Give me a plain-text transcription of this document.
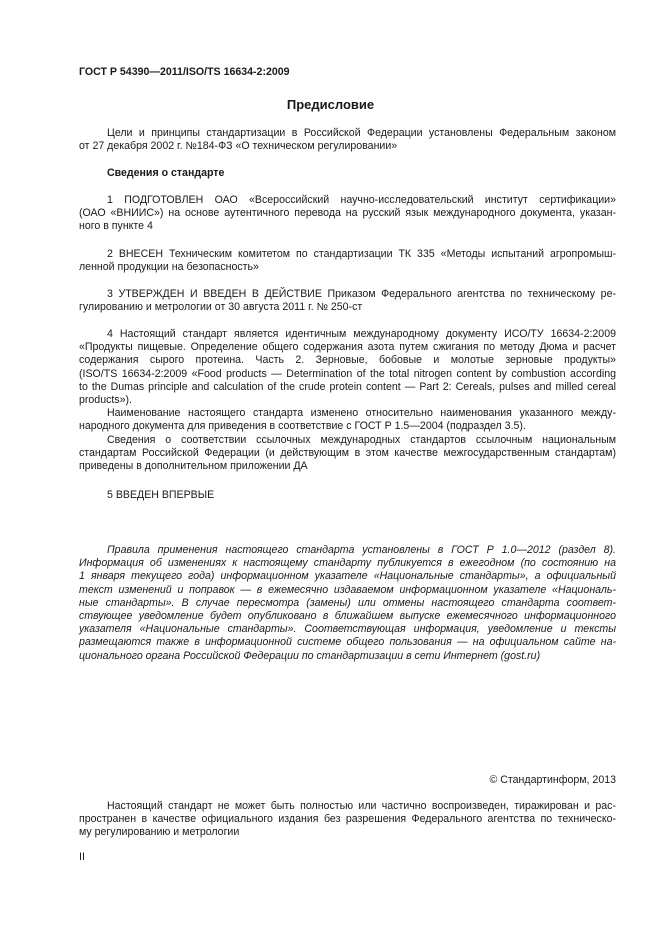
ГОСТ Р 54390—2011/ISO/TS 16634-2:2009
Предисловие
Цели и принципы стандартизации в Российской Федерации установлены Федеральным законом
от 27 декабря 2002 г. №184-ФЗ «О техническом регулировании»
Сведения о стандарте
1 ПОДГОТОВЛЕН ОАО «Всероссийский научно-исследовательский институт сертификации»
(ОАО «ВНИИС») на основе аутентичного перевода на русский язык международного документа, указан-
ного в пункте 4
2 ВНЕСЕН Техническим комитетом по стандартизации ТК 335 «Методы испытаний агропромыш-
ленной продукции на безопасность»
3 УТВЕРЖДЕН И ВВЕДЕН В ДЕЙСТВИЕ Приказом Федерального агентства по техническому ре-
гулированию и метрологии от 30 августа 2011 г. № 250-ст
4 Настоящий стандарт является идентичным международному документу ИСО/ТУ 16634-2:2009
«Продукты пищевые. Определение общего содержания азота путем сжигания по методу Дюма и расчет
содержания сырого протеина. Часть 2. Зерновые, бобовые и молотые зерновые продукты»
(ISO/TS 16634-2:2009 «Food products — Determination of the total nitrogen content by combustion according
to the Dumas principle and calculation of the crude protein content — Part 2: Cereals, pulses and milled cereal
products»).
Наименование настоящего стандарта изменено относительно наименования указанного между-
народного документа для приведения в соответствие с ГОСТ Р 1.5—2004 (подраздел 3.5).
Сведения о соответствии ссылочных международных стандартов ссылочным национальным
стандартам Российской Федерации (и действующим в этом качестве межгосударственным стандартам)
приведены в дополнительном приложении ДА
5 ВВЕДЕН ВПЕРВЫЕ
Правила применения настоящего стандарта установлены в ГОСТ Р 1.0—2012 (раздел 8).
Информация об изменениях к настоящему стандарту публикуется в ежегодном (по состоянию на
1 января текущего года) информационном указателе «Национальные стандарты», а официальный
текст изменений и поправок — в ежемесячно издаваемом информационном указателе «Националь-
ные стандарты». В случае пересмотра (замены) или отмены настоящего стандарта соответ-
ствующее уведомление будет опубликовано в ближайшем выпуске ежемесячного информационного
указателя «Национальные стандарты». Соответствующая информация, уведомление и тексты
размещаются также в информационной системе общего пользования — на официальном сайте на-
ционального органа Российской Федерации по стандартизации в сети Интернет (gost.ru)
© Стандартинформ, 2013
Настоящий стандарт не может быть полностью или частично воспроизведен, тиражирован и рас-
пространен в качестве официального издания без разрешения Федерального агентства по техническо-
му регулированию и метрологии
II
